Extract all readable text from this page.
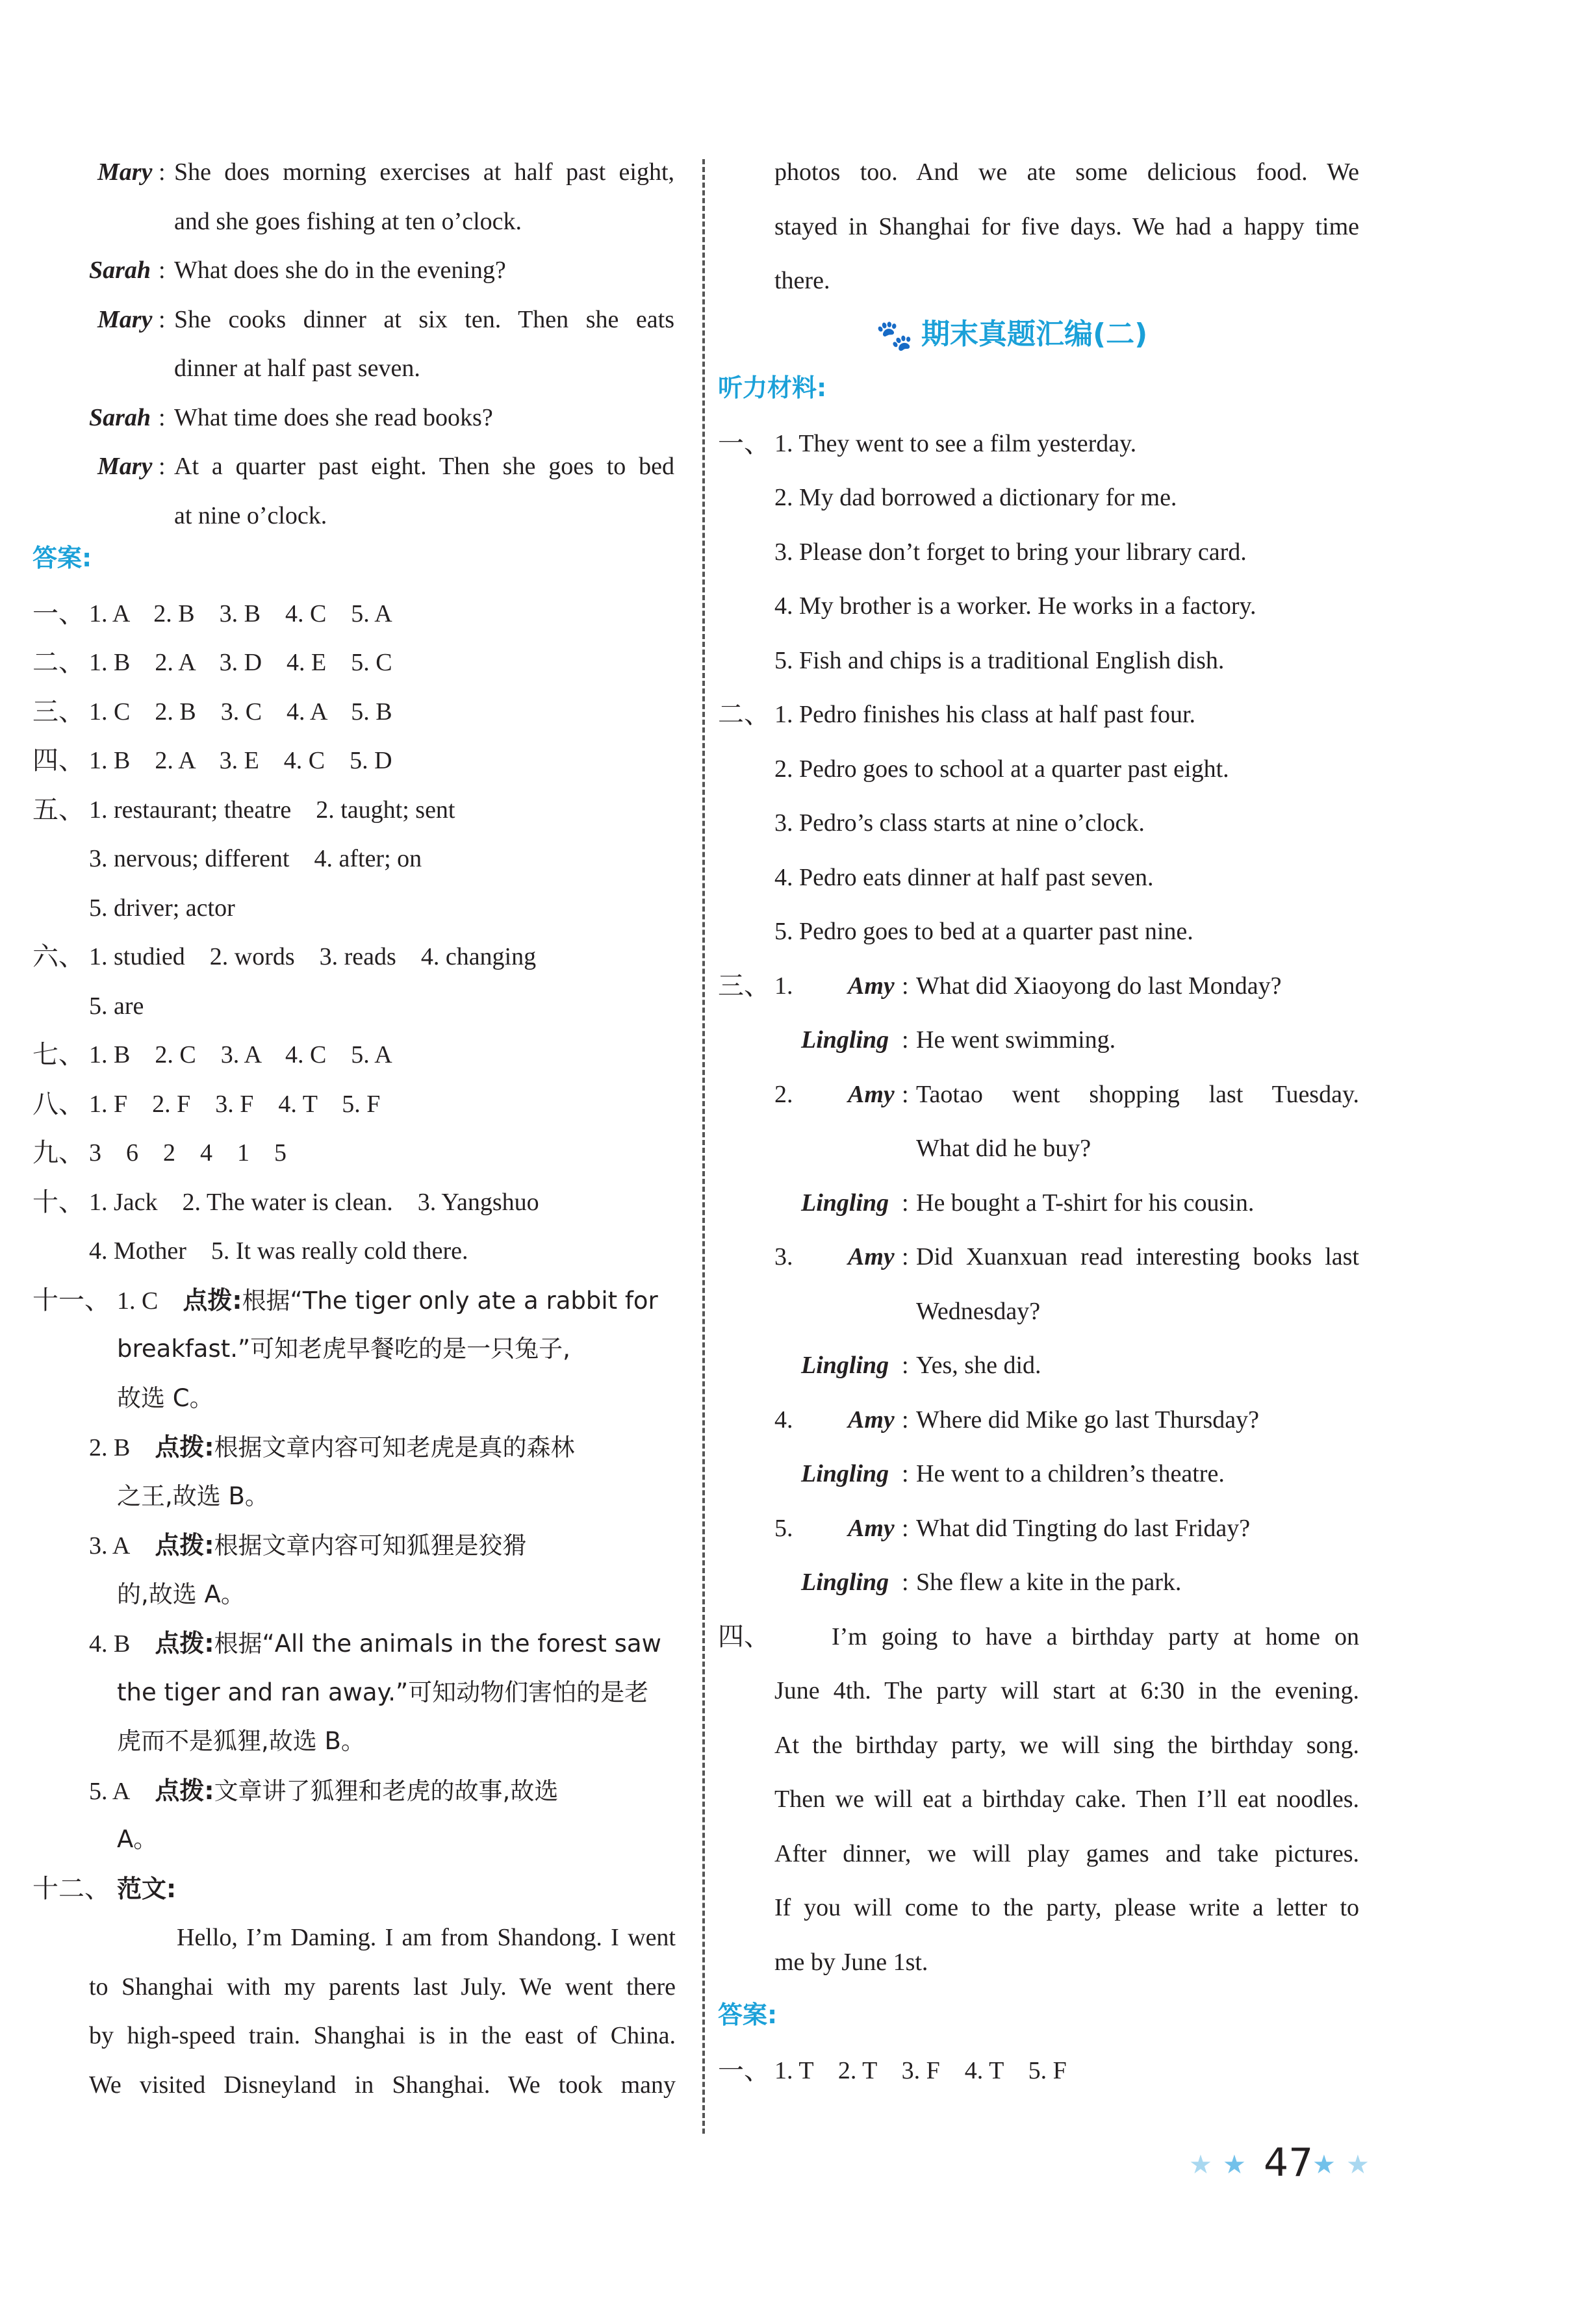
Mary : She does morning exercises at half past eight,
and she goes fishing at ten o’clock.
Sarah : What does she do in the evening?
Mary : She cooks dinner at six ten. Then she eats
dinner at half past seven.
Sarah : What time does she read books?
Mary : At a quarter past eight. Then she goes to bed
at nine o’clock.
答案:
一、 1. A    2. B    3. B    4. C    5. A
二、 1. B    2. A    3. D    4. E    5. C
三、 1. C    2. B    3. C    4. A    5. B
四、 1. B    2. A    3. E    4. C    5. D
五、 1. restaurant; theatre    2. taught; sent
3. nervous; different    4. after; on
5. driver; actor
六、 1. studied    2. words    3. reads    4. changing
5. are
七、 1. B    2. C    3. A    4. C    5. A
八、 1. F    2. F    3. F    4. T    5. F
九、 3    6    2    4    1    5
十、 1. Jack    2. The water is clean.    3. Yangshuo
4. Mother    5. It was really cold there.
十一、 1. C 点拨:根据“The tiger only ate a rabbit for
breakfast.”可知老虎早餐吃的是一只兔子,
故选 C。
2. B 点拨:根据文章内容可知老虎是真的森林
之王,故选 B。
3. A 点拨:根据文章内容可知狐狸是狡猾
的,故选 A。
4. B 点拨:根据“All the animals in the forest saw
the tiger and ran away.”可知动物们害怕的是老
虎而不是狐狸,故选 B。
5. A 点拨:文章讲了狐狸和老虎的故事,故选
A。
十二、 范文:
Hello, I’m Daming. I am from Shandong. I went
to Shanghai with my parents last July. We went there
by high-speed train. Shanghai is in the east of China.
We visited Disneyland in Shanghai. We took many
photos too. And we ate some delicious food. We
stayed in Shanghai for five days. We had a happy time
there.
🐾 期末真题汇编(二)
听力材料:
一、 1. They went to see a film yesterday.
2. My dad borrowed a dictionary for me.
3. Please don’t forget to bring your library card.
4. My brother is a worker. He works in a factory.
5. Fish and chips is a traditional English dish.
二、 1. Pedro finishes his class at half past four.
2. Pedro goes to school at a quarter past eight.
3. Pedro’s class starts at nine o’clock.
4. Pedro eats dinner at half past seven.
5. Pedro goes to bed at a quarter past nine.
三、 1. Amy : What did Xiaoyong do last Monday?
Lingling : He went swimming.
2. Amy : Taotao went shopping last Tuesday.
What did he buy?
Lingling : He bought a T-shirt for his cousin.
3. Amy : Did Xuanxuan read interesting books last
Wednesday?
Lingling : Yes, she did.
4. Amy : Where did Mike go last Thursday?
Lingling : He went to a children’s theatre.
5. Amy : What did Tingting do last Friday?
Lingling : She flew a kite in the park.
四、	I’m going to have a birthday party at home on
June 4th. The party will start at 6:30 in the evening.
At the birthday party, we will sing the birthday song.
Then we will eat a birthday cake. Then I’ll eat noodles.
After dinner, we will play games and take pictures.
If you will come to the party, please write a letter to
me by June 1st.
答案:
一、 1. T    2. T    3. F    4. T    5. F
★ ★ 47
★ ★
